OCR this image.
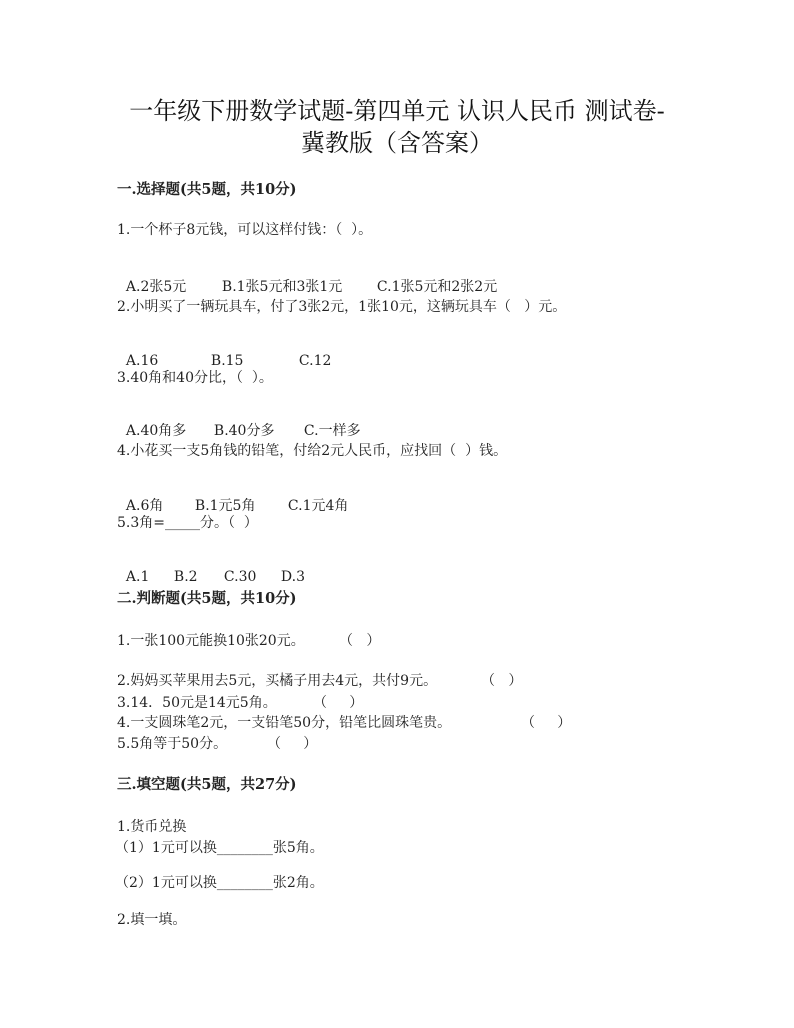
一年级下册数学试题-第四单元 认识人民币 测试卷-
冀教版（含答案）
一.选择题(共5题，共10分)
1.一个杯子8元钱，可以这样付钱：（  ）。

A.2张5元	B.1张5元和3张1元 C.1张5元和2张2元

2.小明买了一辆玩具车，付了3张2元，1张10元，这辆玩具车（   ）元。

A.16	B.15	C.12

3.40角和40分比，（  ）。

A.40角多 B.40分多 C.一样多

4.小花买一支5角钱的铅笔，付给2元人民币，应找回（  ）钱。

A.6角 B.1元5角 C.1元4角

5.3角=_____分。（  ）

A.1 B.2 C.30 D.3

二.判断题(共5题，共10分)
1.一张100元能换10张20元。 （   ）
2.妈妈买苹果用去5元，买橘子用去4元，共付9元。	（   ）
3.14．50元是14元5角。	（     ）
4.一支圆珠笔2元，一支铅笔50分，铅笔比圆珠笔贵。	（     ）
5.5角等于50分。	（     ）
三.填空题(共5题，共27分)
1.货币兑换
（1）1元可以换________张5角。
（2）1元可以换________张2角。
2.填一填。
